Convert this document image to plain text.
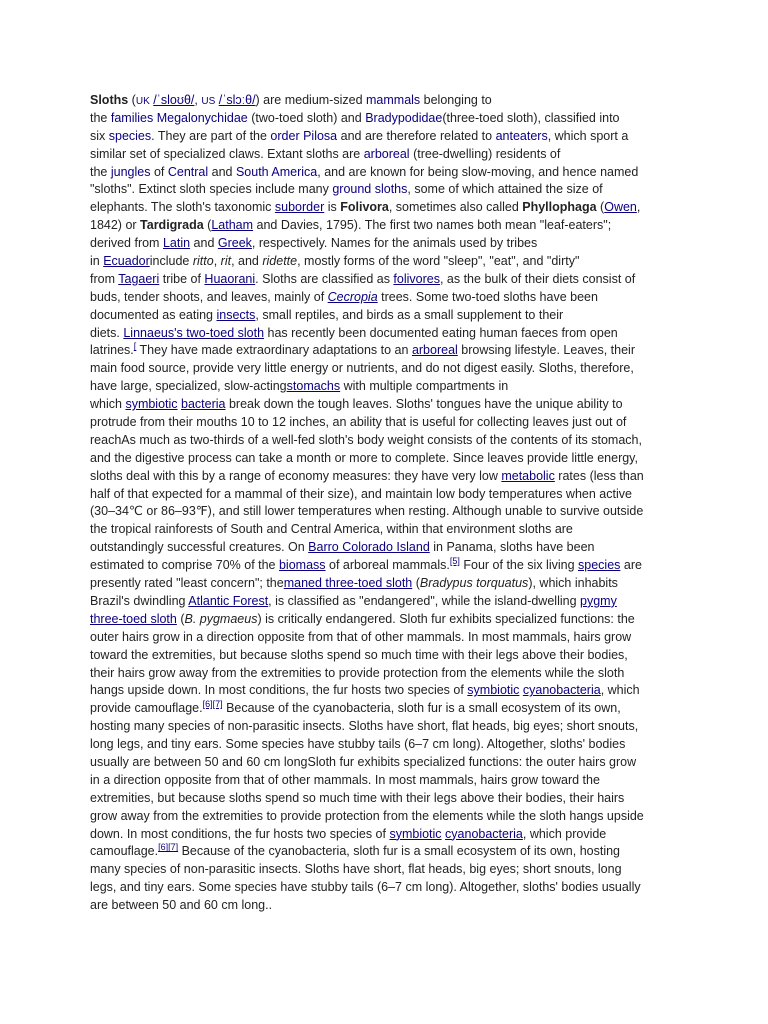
Sloths (UK /ˈsloʊθ/, US /ˈslɔːθ/) are medium-sized mammals belonging to
the families Megalonychidae (two-toed sloth) and Bradypodidae(three-toed sloth), classified into
six species. They are part of the order Pilosa and are therefore related to anteaters, which sport a
similar set of specialized claws. Extant sloths are arboreal (tree-dwelling) residents of
the jungles of Central and South America, and are known for being slow-moving, and hence named
"sloths". Extinct sloth species include many ground sloths, some of which attained the size of
elephants. The sloth's taxonomic suborder is Folivora, sometimes also called Phyllophaga (Owen,
1842) or Tardigrada (Latham and Davies, 1795). The first two names both mean "leaf-eaters";
derived from Latin and Greek, respectively. Names for the animals used by tribes
in Ecuadorinclude ritto, rit, and ridette, mostly forms of the word "sleep", "eat", and "dirty"
from Tagaeri tribe of Huaorani. Sloths are classified as folivores, as the bulk of their diets consist of
buds, tender shoots, and leaves, mainly of Cecropia trees. Some two-toed sloths have been
documented as eating insects, small reptiles, and birds as a small supplement to their
diets. Linnaeus's two-toed sloth has recently been documented eating human faeces from open
latrines.[ They have made extraordinary adaptations to an arboreal browsing lifestyle. Leaves, their
main food source, provide very little energy or nutrients, and do not digest easily. Sloths, therefore,
have large, specialized, slow-actingstomachs with multiple compartments in
which symbiotic bacteria break down the tough leaves. Sloths' tongues have the unique ability to
protrude from their mouths 10 to 12 inches, an ability that is useful for collecting leaves just out of
reachAs much as two-thirds of a well-fed sloth's body weight consists of the contents of its stomach,
and the digestive process can take a month or more to complete. Since leaves provide little energy,
sloths deal with this by a range of economy measures: they have very low metabolic rates (less than
half of that expected for a mammal of their size), and maintain low body temperatures when active
(30–34℃ or 86–93℉), and still lower temperatures when resting. Although unable to survive outside
the tropical rainforests of South and Central America, within that environment sloths are
outstandingly successful creatures. On Barro Colorado Island in Panama, sloths have been
estimated to comprise 70% of the biomass of arboreal mammals.[5] Four of the six living species are
presently rated "least concern"; themaned three-toed sloth (Bradypus torquatus), which inhabits
Brazil's dwindling Atlantic Forest, is classified as "endangered", while the island-dwelling pygmy
three-toed sloth (B. pygmaeus) is critically endangered. Sloth fur exhibits specialized functions: the
outer hairs grow in a direction opposite from that of other mammals. In most mammals, hairs grow
toward the extremities, but because sloths spend so much time with their legs above their bodies,
their hairs grow away from the extremities to provide protection from the elements while the sloth
hangs upside down. In most conditions, the fur hosts two species of symbiotic cyanobacteria, which
provide camouflage.[6][7] Because of the cyanobacteria, sloth fur is a small ecosystem of its own,
hosting many species of non-parasitic insects. Sloths have short, flat heads, big eyes; short snouts,
long legs, and tiny ears. Some species have stubby tails (6–7 cm long). Altogether, sloths' bodies
usually are between 50 and 60 cm longSloth fur exhibits specialized functions: the outer hairs grow
in a direction opposite from that of other mammals. In most mammals, hairs grow toward the
extremities, but because sloths spend so much time with their legs above their bodies, their hairs
grow away from the extremities to provide protection from the elements while the sloth hangs upside
down. In most conditions, the fur hosts two species of symbiotic cyanobacteria, which provide
camouflage.[6][7] Because of the cyanobacteria, sloth fur is a small ecosystem of its own, hosting
many species of non-parasitic insects. Sloths have short, flat heads, big eyes; short snouts, long
legs, and tiny ears. Some species have stubby tails (6–7 cm long). Altogether, sloths' bodies usually
are between 50 and 60 cm long..
